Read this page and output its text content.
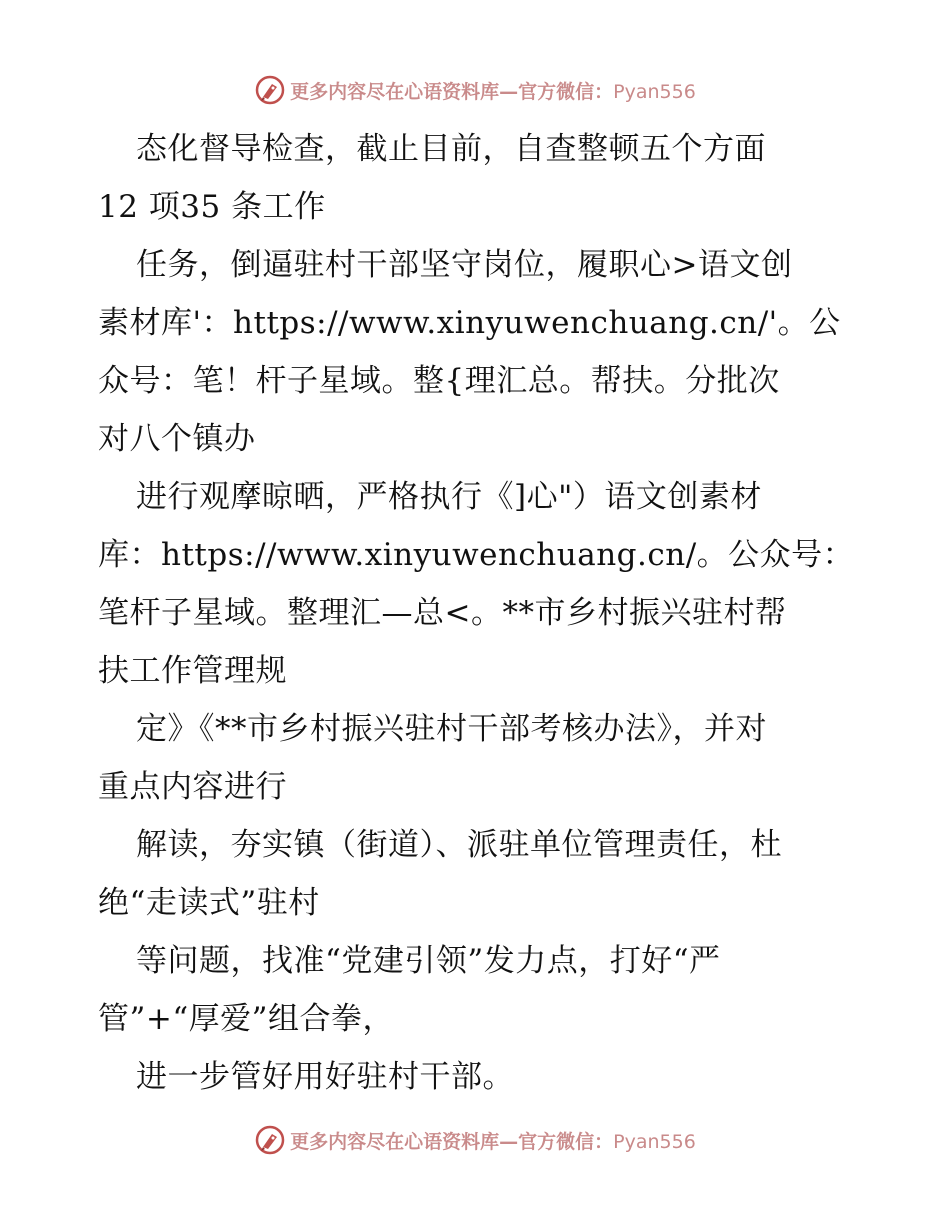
更多内容尽在心语资料库—官方微信：Pyan556
态化督导检查，截止目前，自查整顿五个方面
12 项35 条工作
任务，倒逼驻村干部坚守岗位，履职心>语文创
素材库'：https://www.xinyuwenchuang.cn/'。公
众号：笔！杆子星域。整{理汇总。帮扶。分批次
对八个镇办
进行观摩晾晒，严格执行《]心"）语文创素材
库：https://www.xinyuwenchuang.cn/。公众号：
笔杆子星域。整理汇—总<。**市乡村振兴驻村帮
扶工作管理规
定》《**市乡村振兴驻村干部考核办法》，并对
重点内容进行
解读，夯实镇（街道）、派驻单位管理责任，杜
绝“走读式”驻村
等问题，找准“党建引领”发力点，打好“严
管”+“厚爱”组合拳，
进一步管好用好驻村干部。
更多内容尽在心语资料库—官方微信：Pyan556
